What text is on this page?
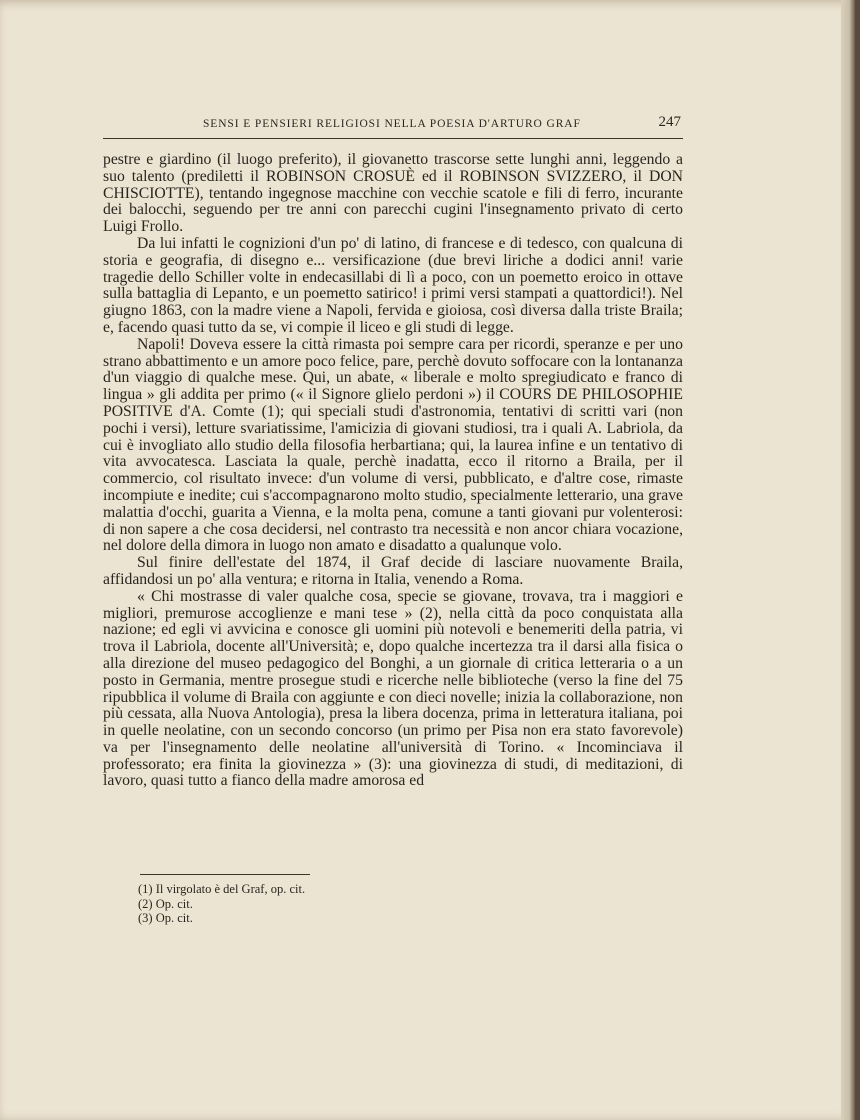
SENSI E PENSIERI RELIGIOSI NELLA POESIA D'ARTURO GRAF	247

pestre e giardino (il luogo preferito), il giovanetto trascorse sette lunghi anni, leggendo a suo talento (prediletti il ROBINSON CROSUÈ ed il ROBINSON SVIZZERO, il DON CHISCIOTTE), tentando ingegnose macchine con vecchie scatole e fili di ferro, incurante dei balocchi, seguendo per tre anni con parecchi cugini l'insegnamento privato di certo Luigi Frollo.

Da lui infatti le cognizioni d'un po' di latino, di francese e di tedesco, con qualcuna di storia e geografia, di disegno e... versificazione (due brevi liriche a dodici anni! varie tragedie dello Schiller volte in endecasillabi di lì a poco, con un poemetto eroico in ottave sulla battaglia di Lepanto, e un poemetto satirico! i primi versi stampati a quattordici!). Nel giugno 1863, con la madre viene a Napoli, fervida e gioiosa, così diversa dalla triste Braila; e, facendo quasi tutto da se, vi compie il liceo e gli studi di legge.

Napoli! Doveva essere la città rimasta poi sempre cara per ricordi, speranze e per uno strano abbattimento e un amore poco felice, pare, perchè dovuto soffocare con la lontananza d'un viaggio di qualche mese. Qui, un abate, « liberale e molto spregiudicato e franco di lingua » gli addita per primo (« il Signore glielo perdoni ») il COURS DE PHILOSOPHIE POSITIVE d'A. Comte (1); qui speciali studi d'astronomia, tentativi di scritti vari (non pochi i versi), letture svariatissime, l'amicizia di giovani studiosi, tra i quali A. Labriola, da cui è invogliato allo studio della filosofia herbartiana; qui, la laurea infine e un tentativo di vita avvocatesca. Lasciata la quale, perchè inadatta, ecco il ritorno a Braila, per il commercio, col risultato invece: d'un volume di versi, pubblicato, e d'altre cose, rimaste incompiute e inedite; cui s'accompagnarono molto studio, specialmente letterario, una grave malattia d'occhi, guarita a Vienna, e la molta pena, comune a tanti giovani pur volenterosi: di non sapere a che cosa decidersi, nel contrasto tra necessità e non ancor chiara vocazione, nel dolore della dimora in luogo non amato e disadatto a qualunque volo.

Sul finire dell'estate del 1874, il Graf decide di lasciare nuovamente Braila, affidandosi un po' alla ventura; e ritorna in Italia, venendo a Roma.

« Chi mostrasse di valer qualche cosa, specie se giovane, trovava, tra i maggiori e migliori, premurose accoglienze e mani tese » (2), nella città da poco conquistata alla nazione; ed egli vi avvicina e conosce gli uomini più notevoli e benemeriti della patria, vi trova il Labriola, docente all'Università; e, dopo qualche incertezza tra il darsi alla fisica o alla direzione del museo pedagogico del Bonghi, a un giornale di critica letteraria o a un posto in Germania, mentre prosegue studi e ricerche nelle biblioteche (verso la fine del 75 ripubblica il volume di Braila con aggiunte e con dieci novelle; inizia la collaborazione, non più cessata, alla Nuova Antologia), presa la libera docenza, prima in letteratura italiana, poi in quelle neolatine, con un secondo concorso (un primo per Pisa non era stato favorevole) va per l'insegnamento delle neolatine all'università di Torino. « Incominciava il professorato; era finita la giovinezza » (3): una giovinezza di studi, di meditazioni, di lavoro, quasi tutto a fianco della madre amorosa ed

(1) Il virgolato è del Graf, op. cit.
(2) Op. cit.
(3) Op. cit.
